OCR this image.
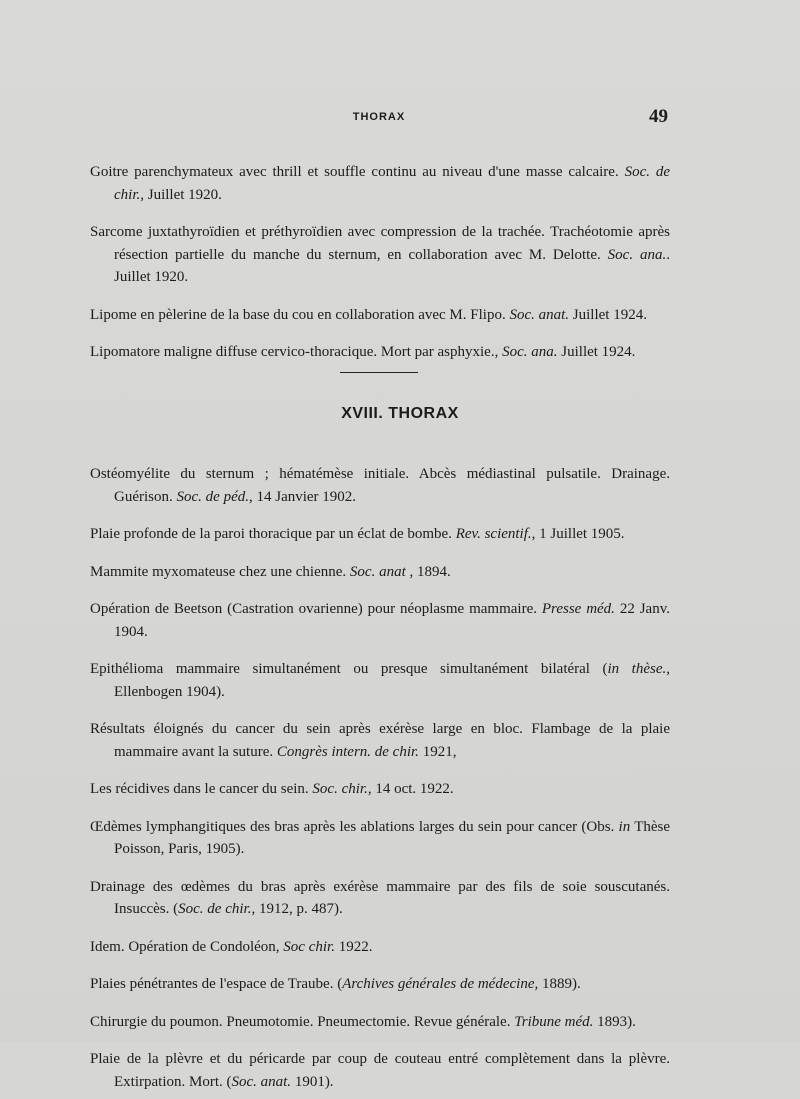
THORAX	49

Goitre parenchymateux avec thrill et souffle continu au niveau d'une masse calcaire. Soc. de chir., Juillet 1920.

Sarcome juxtathyroïdien et préthyroïdien avec compression de la trachée. Trachéotomie après résection partielle du manche du sternum, en collaboration avec M. Delotte. Soc. ana.. Juillet 1920.

Lipome en pèlerine de la base du cou en collaboration avec M. Flipo. Soc. anat. Juillet 1924.

Lipomatore maligne diffuse cervico-thoracique. Mort par asphyxie., Soc. ana. Juillet 1924.

XVIII. THORAX

Ostéomyélite du sternum ; hématémèse initiale. Abcès médiastinal pulsatile. Drainage. Guérison. Soc. de péd., 14 Janvier 1902.

Plaie profonde de la paroi thoracique par un éclat de bombe. Rev. scientif., 1 Juillet 1905.

Mammite myxomateuse chez une chienne. Soc. anat , 1894.

Opération de Beetson (Castration ovarienne) pour néoplasme mammaire. Presse méd. 22 Janv. 1904.

Epithélioma mammaire simultanément ou presque simultanément bilatéral (in thèse., Ellenbogen 1904).

Résultats éloignés du cancer du sein après exérèse large en bloc. Flambage de la plaie mammaire avant la suture. Congrès intern. de chir. 1921,

Les récidives dans le cancer du sein. Soc. chir., 14 oct. 1922.

Œdèmes lymphangitiques des bras après les ablations larges du sein pour cancer (Obs. in Thèse Poisson, Paris, 1905).

Drainage des œdèmes du bras après exérèse mammaire par des fils de soie souscutanés. Insuccès. (Soc. de chir., 1912, p. 487).

Idem. Opération de Condoléon, Soc chir. 1922.

Plaies pénétrantes de l'espace de Traube. (Archives générales de médecine, 1889).

Chirurgie du poumon. Pneumotomie. Pneumectomie. Revue générale. Tribune méd. 1893).

Plaie de la plèvre et du péricarde par coup de couteau entré complètement dans la plèvre. Extirpation. Mort. (Soc. anat. 1901).
